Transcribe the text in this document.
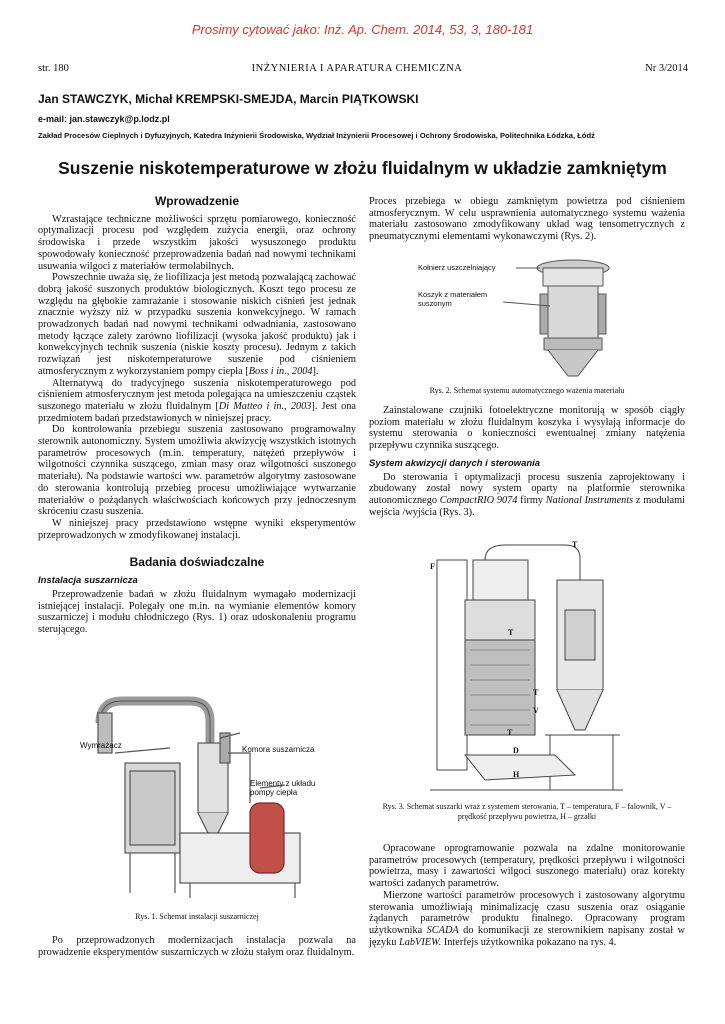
Prosimy cytować jako: Inż. Ap. Chem. 2014, 53, 3, 180-181
str. 180	INŻYNIERIA I APARATURA CHEMICZNA	Nr 3/2014
Jan STAWCZYK, Michał KREMPSKI-SMEJDA, Marcin PIĄTKOWSKI
e-mail: jan.stawczyk@p.lodz.pl
Zakład Procesów Cieplnych i Dyfuzyjnych, Katedra Inżynierii Środowiska, Wydział Inżynierii Procesowej i Ochrony Środowiska, Politechnika Łódzka, Łódź
Suszenie niskotemperaturowe w złożu fluidalnym w układzie zamkniętym
Wprowadzenie

Wzrastające techniczne możliwości sprzętu pomiarowego, konieczność optymalizacji procesu pod względem zużycia energii, oraz ochrony środowiska i przede wszystkim jakości wysuszonego produktu spowodowały konieczność przeprowadzenia badań nad nowymi technikami usuwania wilgoci z materiałów termolabilnych.

Powszechnie uważa się, że liofilizacja jest metodą pozwalającą zachować dobrą jakość suszonych produktów biologicznych. Koszt tego procesu ze względu na głębokie zamrażanie i stosowanie niskich ciśnień jest jednak znacznie wyższy niż w przypadku suszenia konwekcyjnego. W ramach prowadzonych badań nad nowymi technikami odwadniania, zastosowano metody łączące zalety zarówno liofilizacji (wysoka jakość produktu) jak i konwekcyjnych technik suszenia (niskie koszty procesu). Jednym z takich rozwiązań jest niskotemperaturowe suszenie pod ciśnieniem atmosferycznym z wykorzystaniem pompy ciepła [Boss i in., 2004].

Alternatywą do tradycyjnego suszenia niskotemperaturowego pod ciśnieniem atmosferycznym jest metoda polegająca na umieszczeniu cząstek suszonego materiału w złożu fluidalnym [Di Matteo i in., 2003]. Jest ona przedmiotem badań przedstawionych w niniejszej pracy.

Do kontrolowania przebiegu suszenia zastosowano programowalny sterownik autonomiczny. System umożliwia akwizycję wszystkich istotnych parametrów procesowych (m.in. temperatury, natężeń przepływów i wilgotności czynnika suszącego, zmian masy oraz wilgotności suszonego materiału). Na podstawie wartości ww. parametrów algorytmy zastosowane do sterowania kontrolują przebieg procesu umożliwiające wytwarzanie materiałów o pożądanych właściwościach końcowych przy jednoczesnym skróceniu czasu suszenia.

W niniejszej pracy przedstawiono wstępne wyniki eksperymentów przeprowadzonych w zmodyfikowanej instalacji.

Badania doświadczalne
Instalacja suszarnicza

Przeprowadzenie badań w złożu fluidalnym wymagało modernizacji istniejącej instalacji. Polegały one m.in. na wymianie elementów komory suszarniczej i modułu chłodniczego (Rys. 1) oraz udoskonaleniu programu sterującego.

Wymrażacz	Komora suszarnicza
Elementy z układu pompy ciepła
Rys. 1. Schemat instalacji suszarniczej

Po przeprowadzonych modernizacjach instalacja pozwala na prowadzenie eksperymentów suszarniczych w złożu stałym oraz fluidalnym.

Proces przebiega w obiegu zamkniętym powietrza pod ciśnieniem atmosferycznym. W celu usprawnienia automatycznego systemu ważenia materiału zastosowano zmodyfikowany układ wag tensometrycznych z pneumatycznymi elementami wykonawczymi (Rys. 2).

Kołnierz uszczelniający
Koszyk z materiałem suszonym
Rys. 2. Schemat systemu automatycznego ważenia materiału

Zainstalowane czujniki fotoelektryczne monitorują w sposób ciągły poziom materiału w złożu fluidalnym koszyka i wysyłają informacje do systemu sterowania o konieczności ewentualnej zmiany natężenia przepływu czynnika suszącego.

System akwizycji danych i sterowania

Do sterowania i optymalizacji procesu suszenia zaprojektowany i zbudowany został nowy system oparty na platformie sterownika autonomicznego CompactRIO 9074 firmy National Instruments z modułami wejścia /wyjścia (Rys. 3).

F
T
T
T
V
T
D
H
Rys. 3. Schemat suszarki wraz z systemem sterowania, T – temperatura, F – falownik, V – prędkość przepływu powietrza, H – grzałki

Opracowane oprogramowanie pozwala na zdalne monitorowanie parametrów procesowych (temperatury, prędkości przepływu i wilgotności powietrza, masy i zawartości wilgoci suszonego materiału) oraz korekty wartości zadanych parametrów.

Mierzone wartości parametrów procesowych i zastosowany algorytmu sterowania umożliwiają minimalizację czasu suszenia oraz osiąganie żądanych parametrów produktu finalnego. Opracowany program użytkownika SCADA do komunikacji ze sterownikiem napisany został w języku LabVIEW. Interfejs użytkownika pokazano na rys. 4.
